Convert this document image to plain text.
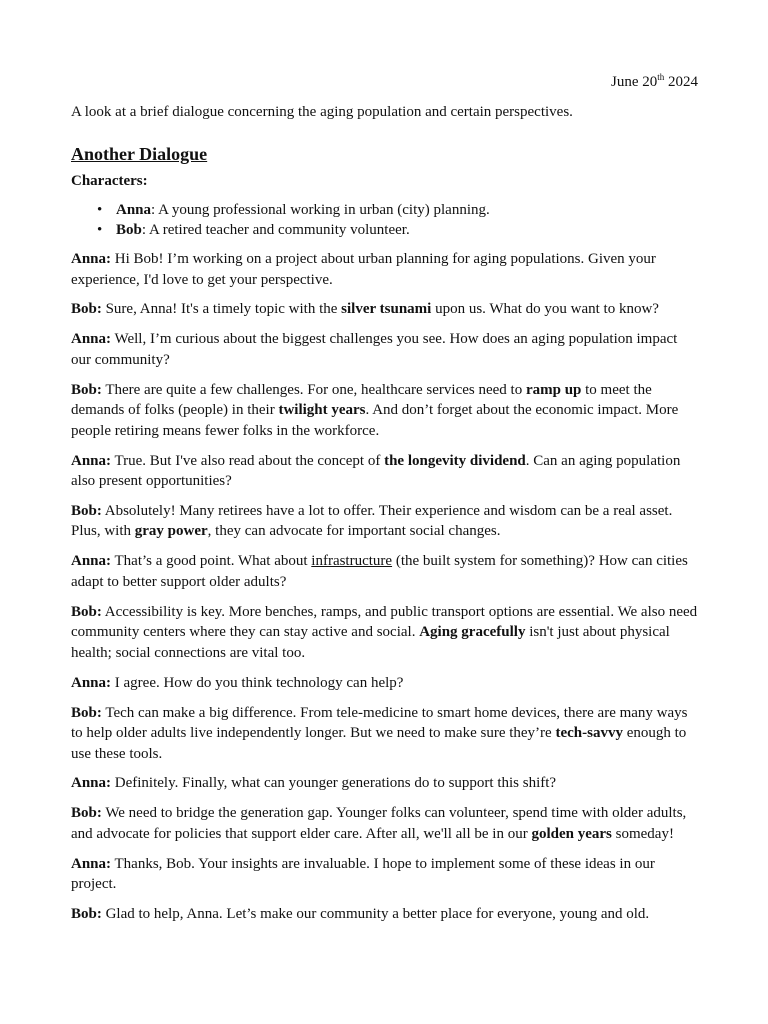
June 20th 2024

A look at a brief dialogue concerning the aging population and certain perspectives.

Another Dialogue
Characters:
• Anna: A young professional working in urban (city) planning.
• Bob: A retired teacher and community volunteer.

Anna: Hi Bob! I’m working on a project about urban planning for aging populations. Given your experience, I'd love to get your perspective.

Bob: Sure, Anna! It's a timely topic with the silver tsunami upon us. What do you want to know?

Anna: Well, I’m curious about the biggest challenges you see. How does an aging population impact our community?

Bob: There are quite a few challenges. For one, healthcare services need to ramp up to meet the demands of folks (people) in their twilight years. And don’t forget about the economic impact. More people retiring means fewer folks in the workforce.

Anna: True. But I've also read about the concept of the longevity dividend. Can an aging population also present opportunities?

Bob: Absolutely! Many retirees have a lot to offer. Their experience and wisdom can be a real asset. Plus, with gray power, they can advocate for important social changes.

Anna: That’s a good point. What about infrastructure (the built system for something)? How can cities adapt to better support older adults?

Bob: Accessibility is key. More benches, ramps, and public transport options are essential. We also need community centers where they can stay active and social. Aging gracefully isn't just about physical health; social connections are vital too.

Anna: I agree. How do you think technology can help?

Bob: Tech can make a big difference. From tele-medicine to smart home devices, there are many ways to help older adults live independently longer. But we need to make sure they’re tech-savvy enough to use these tools.

Anna: Definitely. Finally, what can younger generations do to support this shift?

Bob: We need to bridge the generation gap. Younger folks can volunteer, spend time with older adults, and advocate for policies that support elder care. After all, we'll all be in our golden years someday!

Anna: Thanks, Bob. Your insights are invaluable. I hope to implement some of these ideas in our project.

Bob: Glad to help, Anna. Let’s make our community a better place for everyone, young and old.
